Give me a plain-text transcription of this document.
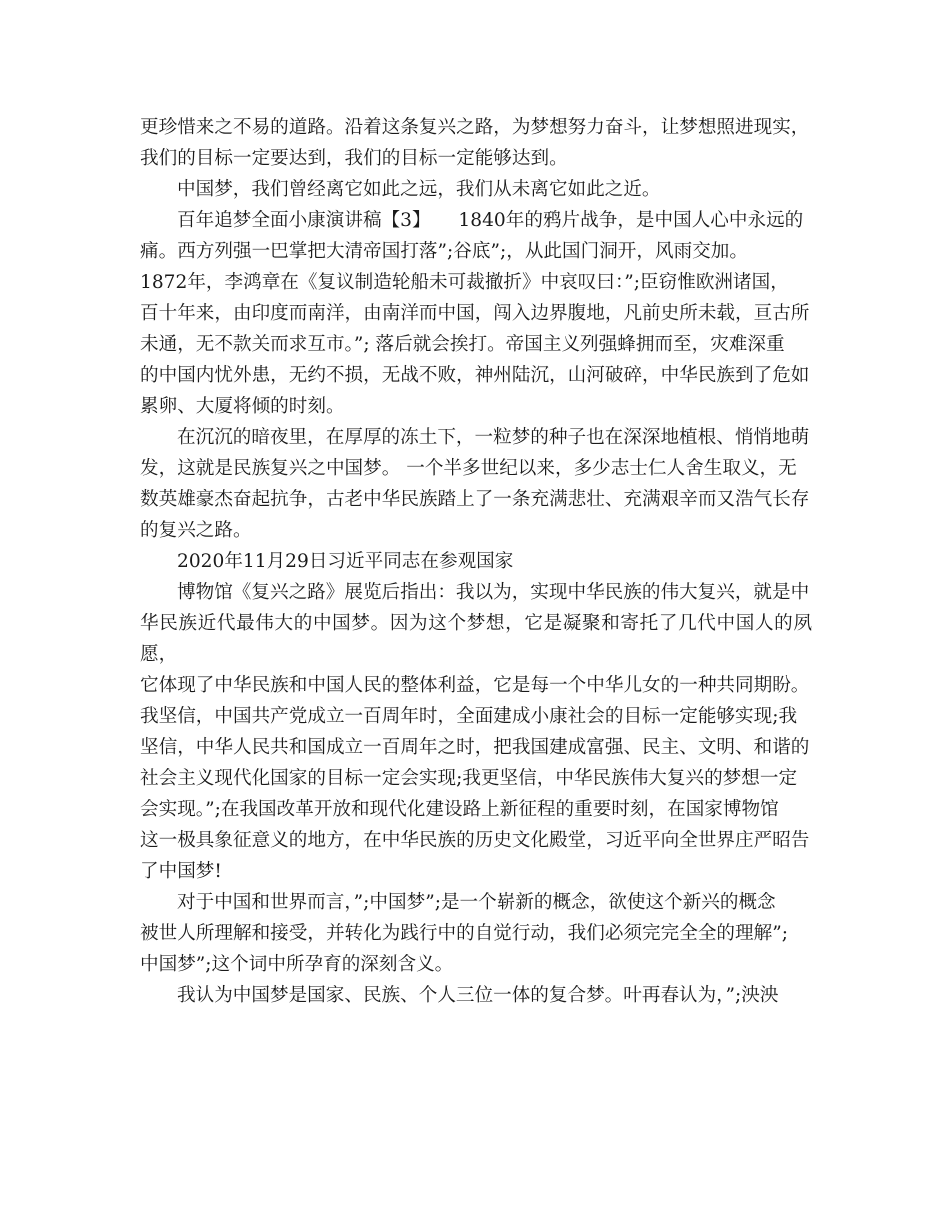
更珍惜来之不易的道路。沿着这条复兴之路，为梦想努力奋斗，让梦想照进现实，
我们的目标一定要达到，我们的目标一定能够达到。

中国梦，我们曾经离它如此之远，我们从未离它如此之近。

百年追梦全面小康演讲稿【3】　　1840年的鸦片战争，是中国人心中永远的
痛。西方列强一巴掌把大清帝国打落”;谷底”;，从此国门洞开，风雨交加。
1872年，李鸿章在《复议制造轮船未可裁撤折》中哀叹曰：”;臣窃惟欧洲诸国，
百十年来，由印度而南洋，由南洋而中国，闯入边界腹地，凡前史所未载，亘古所
未通，无不款关而求互市。”; 落后就会挨打。帝国主义列强蜂拥而至，灾难深重
的中国内忧外患，无约不损，无战不败，神州陆沉，山河破碎，中华民族到了危如
累卵、大厦将倾的时刻。

在沉沉的暗夜里，在厚厚的冻土下，一粒梦的种子也在深深地植根、悄悄地萌
发，这就是民族复兴之中国梦。 一个半多世纪以来，多少志士仁人舍生取义，无
数英雄豪杰奋起抗争，古老中华民族踏上了一条充满悲壮、充满艰辛而又浩气长存
的复兴之路。

2020年11月29日习近平同志在参观国家

博物馆《复兴之路》展览后指出：我以为，实现中华民族的伟大复兴，就是中
华民族近代最伟大的中国梦。因为这个梦想，它是凝聚和寄托了几代中国人的夙愿，
它体现了中华民族和中国人民的整体利益，它是每一个中华儿女的一种共同期盼。
我坚信，中国共产党成立一百周年时，全面建成小康社会的目标一定能够实现;我
坚信，中华人民共和国成立一百周年之时，把我国建成富强、民主、文明、和谐的
社会主义现代化国家的目标一定会实现;我更坚信，中华民族伟大复兴的梦想一定
会实现。”;在我国改革开放和现代化建设路上新征程的重要时刻，在国家博物馆
这一极具象征意义的地方，在中华民族的历史文化殿堂，习近平向全世界庄严昭告
了中国梦!

对于中国和世界而言，”;中国梦”;是一个崭新的概念，欲使这个新兴的概念
被世人所理解和接受，并转化为践行中的自觉行动，我们必须完完全全的理解”;
中国梦”;这个词中所孕育的深刻含义。

我认为中国梦是国家、民族、个人三位一体的复合梦。叶再春认为，”;泱泱
